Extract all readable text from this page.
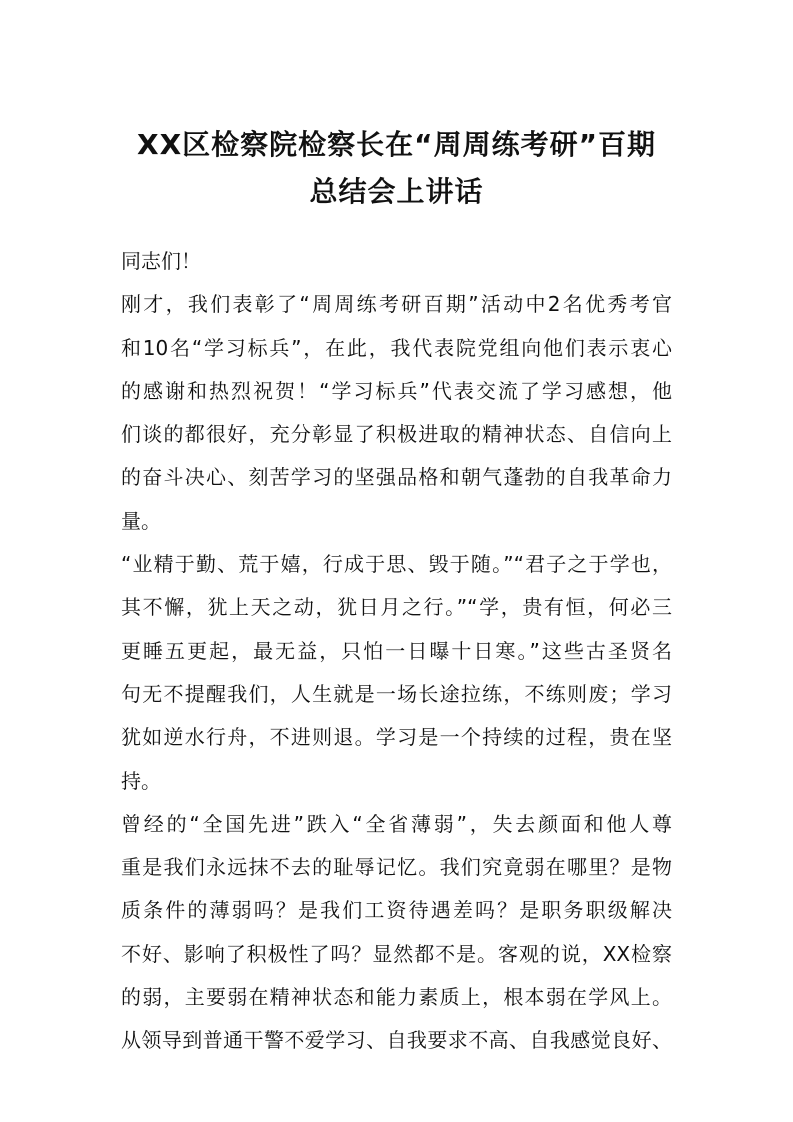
XX区检察院检察长在“周周练考研”百期
总结会上讲话
同志们！
刚才，我们表彰了“周周练考研百期”活动中2名优秀考官
和10名“学习标兵”，在此，我代表院党组向他们表示衷心
的感谢和热烈祝贺！“学习标兵”代表交流了学习感想，他
们谈的都很好，充分彰显了积极进取的精神状态、自信向上
的奋斗决心、刻苦学习的坚强品格和朝气蓬勃的自我革命力
量。
“业精于勤、荒于嬉，行成于思、毁于随。”“君子之于学也，
其不懈，犹上天之动，犹日月之行。”“学，贵有恒，何必三
更睡五更起，最无益，只怕一日曝十日寒。”这些古圣贤名
句无不提醒我们，人生就是一场长途拉练，不练则废；学习
犹如逆水行舟，不进则退。学习是一个持续的过程，贵在坚
持。
曾经的“全国先进”跌入“全省薄弱”，失去颜面和他人尊
重是我们永远抹不去的耻辱记忆。我们究竟弱在哪里？是物
质条件的薄弱吗？是我们工资待遇差吗？是职务职级解决
不好、影响了积极性了吗？显然都不是。客观的说，XX检察
的弱，主要弱在精神状态和能力素质上，根本弱在学风上。
从领导到普通干警不爱学习、自我要求不高、自我感觉良好、
